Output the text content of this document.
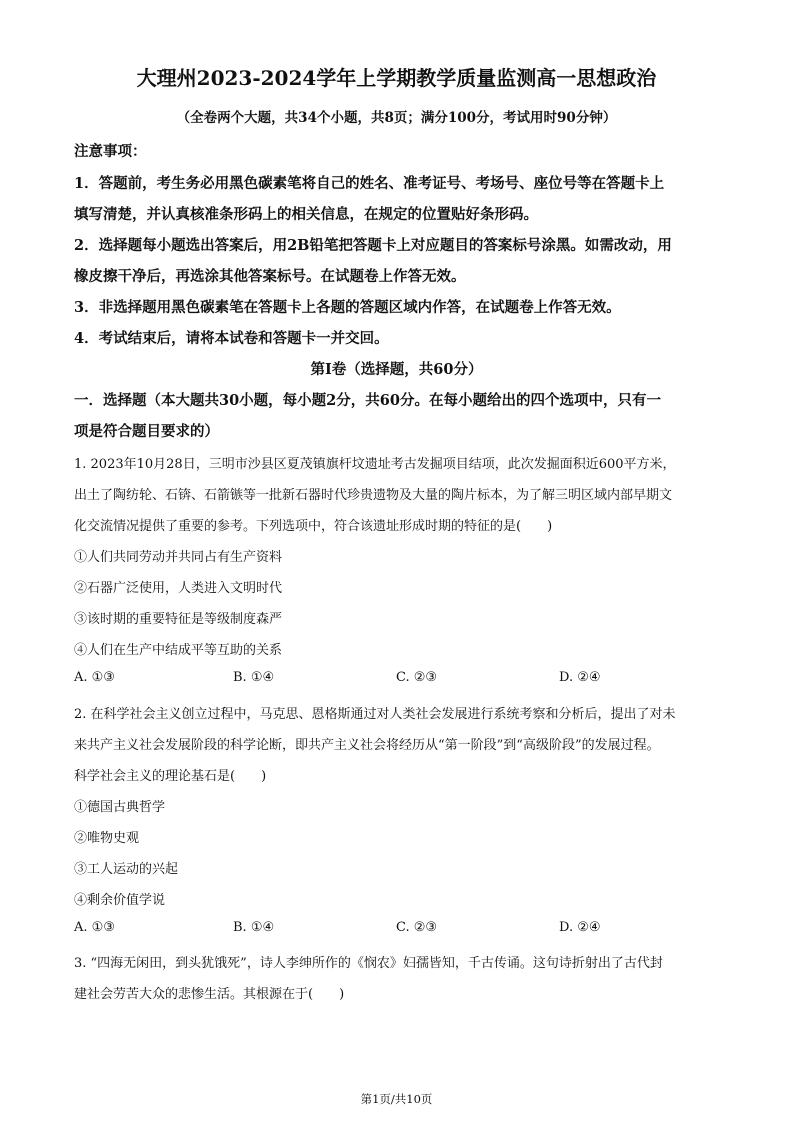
大理州2023-2024学年上学期教学质量监测高一思想政治
（全卷两个大题，共34个小题，共8页；满分100分，考试用时90分钟）
注意事项：
1．答题前，考生务必用黑色碳素笔将自己的姓名、准考证号、考场号、座位号等在答题卡上
填写清楚，并认真核准条形码上的相关信息，在规定的位置贴好条形码。
2．选择题每小题选出答案后，用2B铅笔把答题卡上对应题目的答案标号涂黑。如需改动，用
橡皮擦干净后，再选涂其他答案标号。在试题卷上作答无效。
3．非选择题用黑色碳素笔在答题卡上各题的答题区域内作答，在试题卷上作答无效。
4．考试结束后，请将本试卷和答题卡一并交回。
第Ⅰ卷（选择题，共60分）
一．选择题（本大题共30小题，每小题2分，共60分。在每小题给出的四个选项中，只有一
项是符合题目要求的）
1. 2023年10月28日，三明市沙县区夏茂镇旗杆坟遗址考古发掘项目结项，此次发掘面积近600平方米，
出土了陶纺轮、石锛、石箭镞等一批新石器时代珍贵遗物及大量的陶片标本，为了解三明区域内部早期文
化交流情况提供了重要的参考。下列选项中，符合该遗址形成时期的特征的是(　　)
①人们共同劳动并共同占有生产资料
②石器广泛使用，人类进入文明时代
③该时期的重要特征是等级制度森严
④人们在生产中结成平等互助的关系
A. ①③	B. ①④	C. ②③	D. ②④
2. 在科学社会主义创立过程中，马克思、恩格斯通过对人类社会发展进行系统考察和分析后，提出了对未
来共产主义社会发展阶段的科学论断，即共产主义社会将经历从“第一阶段”到“高级阶段”的发展过程。
科学社会主义的理论基石是(　　)
①德国古典哲学
②唯物史观
③工人运动的兴起
④剩余价值学说
A. ①③	B. ①④	C. ②③	D. ②④
3. “四海无闲田，到头犹饿死”，诗人李绅所作的《悯农》妇孺皆知，千古传诵。这句诗折射出了古代封
建社会劳苦大众的悲惨生活。其根源在于(　　)
第1页/共10页
